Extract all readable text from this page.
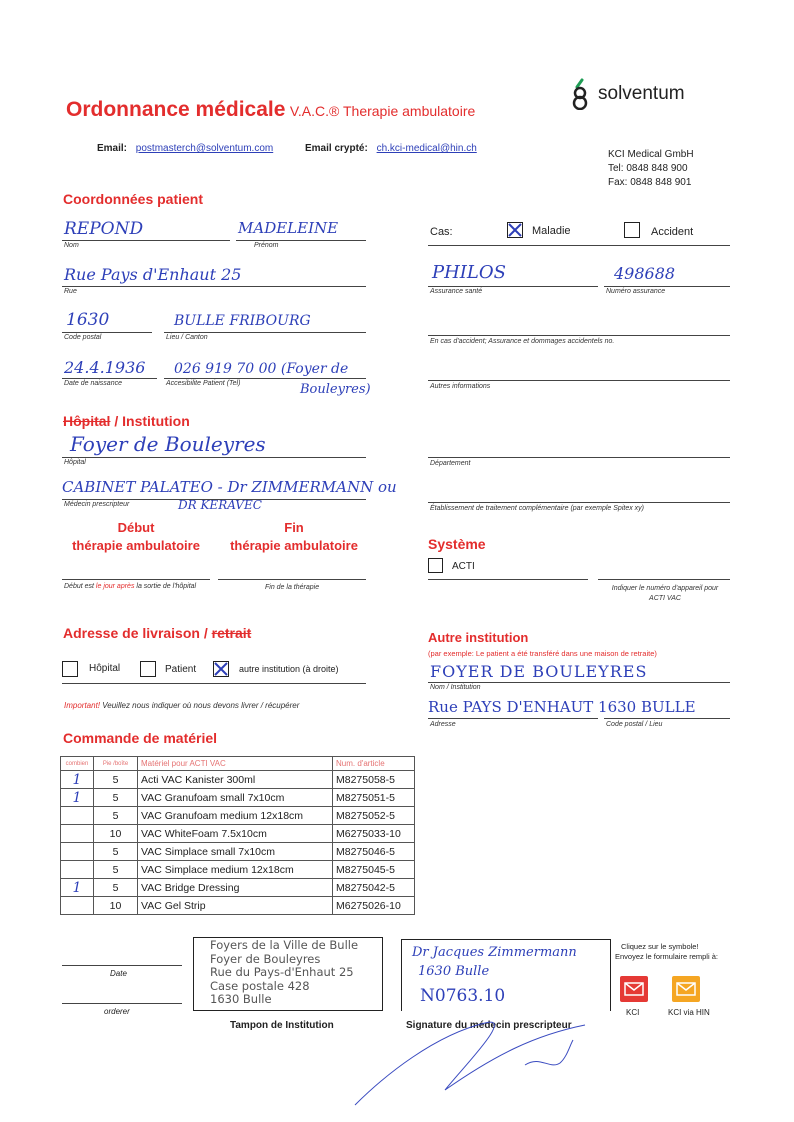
Ordonnance médicale V.A.C.® Therapie ambulatoire
solventum
Email: postmasterch@solventum.com	Email crypté: ch.kci-medical@hin.ch
KCI Medical GmbH
Tel: 0848 848 900
Fax: 0848 848 901
Coordonnées patient
REPOND
Nom
MADELEINE
Prénom
Rue Pays d'Enhaut 25
Rue
1630
Code postal
BULLE FRIBOURG
Lieu / Canton
24.4.1936
Date de naissance
026 919 70 00 (Foyer de
Accesibilite Patient (Tel)	Bouleyres)
Cas:	Maladie	Accident
PHILOS
Assurance santé
498688
Numéro assurance
En cas d'accident; Assurance et dommages accidentels no.
Autres informations
Hôpital / Institution
Foyer de Bouleyres
Hôpital
CABINET PALATEO - Dr ZIMMERMANN ou
Médecin prescripteur	DR KERAVEC
Département
Établissement de traitement complémentaire (par exemple Spitex xy)
Début
thérapie ambulatoire
Fin
thérapie ambulatoire
Début est le jour après la sortie de l'hôpital	Fin de la thérapie
Système
ACTI
Indiquer le numéro d'appareil pour
ACTI VAC
Adresse de livraison / retrait
Hôpital	Patient	autre institution (à droite)
Important! Veuillez nous indiquer où nous devons livrer / récupérer
Autre institution
(par exemple: Le patient a été transféré dans une maison de retraite)
FOYER DE BOULEYRES
Nom / Institution
Rue PAYS D'ENHAUT 1630 BULLE
Adresse	Code postal / Lieu
Commande de matériel
combien	Pie /boîte	Matériel pour ACTI VAC	Num. d'article
1	5	Acti VAC Kanister 300ml	M8275058-5
1	5	VAC Granufoam small 7x10cm	M8275051-5
	5	VAC Granufoam medium 12x18cm	M8275052-5
	10	VAC WhiteFoam 7.5x10cm	M6275033-10
	5	VAC Simplace small 7x10cm	M8275046-5
	5	VAC Simplace medium 12x18cm	M8275045-5
1	5	VAC Bridge Dressing	M8275042-5
	10	VAC Gel Strip	M6275026-10
Date
orderer
Foyers de la Ville de Bulle
Foyer de Bouleyres
Rue du Pays-d'Enhaut 25
Case postale 428
1630 Bulle
Tampon de Institution
Dr Jacques Zimmermann
1630 Bulle
N0763.10
Signature du médecin prescripteur
Cliquez sur le symbole!
Envoyez le formulaire rempli à:
KCI	KCI via HIN
